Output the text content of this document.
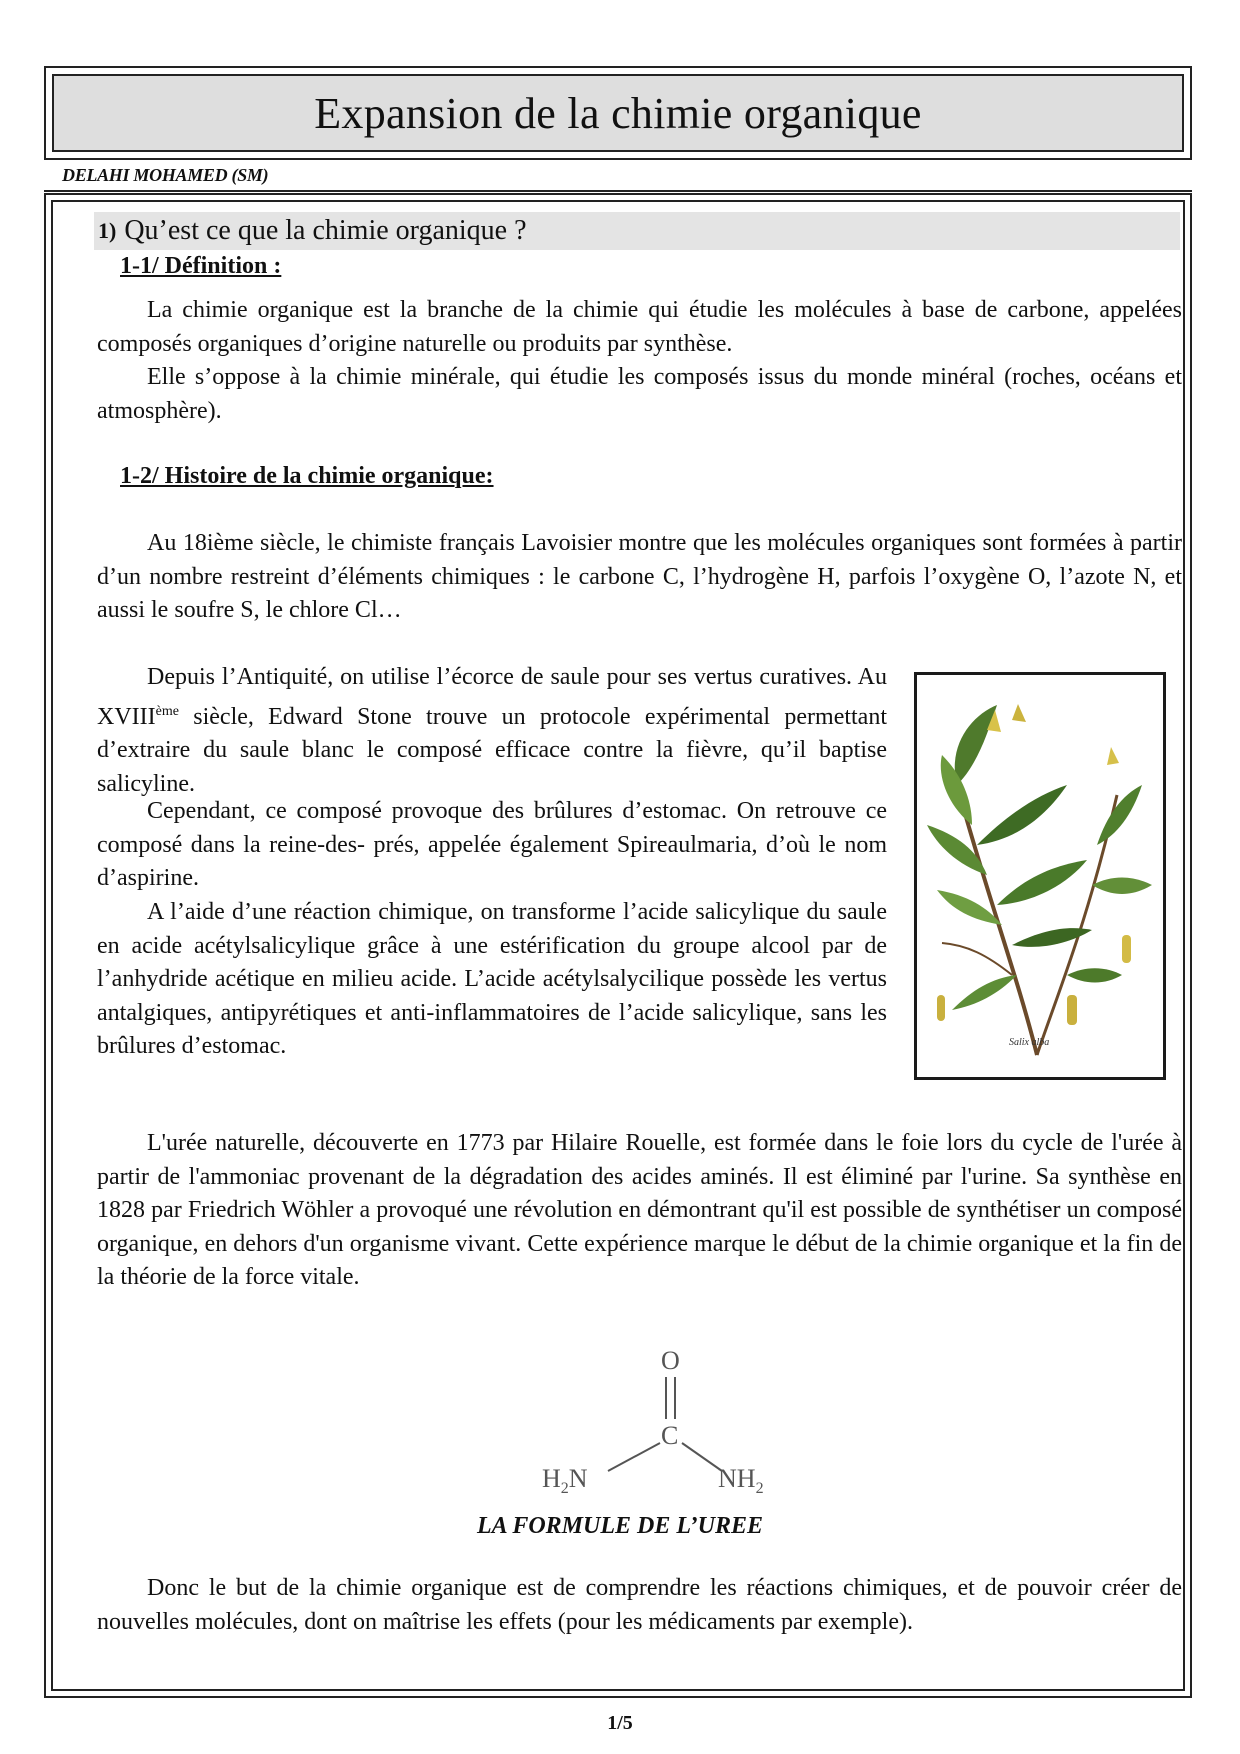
Expansion de la chimie organique
DELAHI MOHAMED (SM)
1) Qu’est ce que la chimie organique ?
1-1/ Définition :

La chimie organique est la branche de la chimie qui étudie les molécules à base de carbone, appelées composés organiques d’origine naturelle ou produits par synthèse.

Elle s’oppose à la chimie minérale, qui étudie les composés issus du monde minéral (roches, océans et atmosphère).

1-2/ Histoire de la chimie organique:

Au 18ième siècle, le chimiste français Lavoisier montre que les molécules organiques sont formées à partir d’un nombre restreint d’éléments chimiques : le carbone C, l’hydrogène H, parfois l’oxygène O, l’azote N, et aussi le soufre S, le chlore Cl…

Depuis l’Antiquité, on utilise l’écorce de saule pour ses vertus curatives. Au XVIIIème siècle, Edward Stone trouve un protocole expérimental permettant d’extraire du saule blanc le composé efficace contre la fièvre, qu’il baptise salicyline.

Cependant, ce composé provoque des brûlures d’estomac. On retrouve ce composé dans la reine-des- prés, appelée également Spireaulmaria, d’où le nom d’aspirine.

A l’aide d’une réaction chimique, on transforme l’acide salicylique du saule en acide acétylsalicylique grâce à une estérification du groupe alcool par de l’anhydride acétique en milieu acide. L’acide acétylsalycilique possède les vertus antalgiques, antipyrétiques et anti-inflammatoires de l’acide salicylique, sans les brûlures d’estomac.	Salix alba

L'urée naturelle, découverte en 1773 par Hilaire Rouelle, est formée dans le foie lors du cycle de l'urée à partir de l'ammoniac provenant de la dégradation des acides aminés. Il est éliminé par l'urine. Sa synthèse en 1828 par Friedrich Wöhler a provoqué une révolution en démontrant qu'il est possible de synthétiser un composé organique, en dehors d'un organisme vivant. Cette expérience marque le début de la chimie organique et la fin de la théorie de la force vitale.

O
C
$H_2N$	$NH_2$
LA FORMULE DE L’UREE

Donc le but de la chimie organique est de comprendre les réactions chimiques, et de pouvoir créer de nouvelles molécules, dont on maîtrise les effets (pour les médicaments par exemple).

1/5
